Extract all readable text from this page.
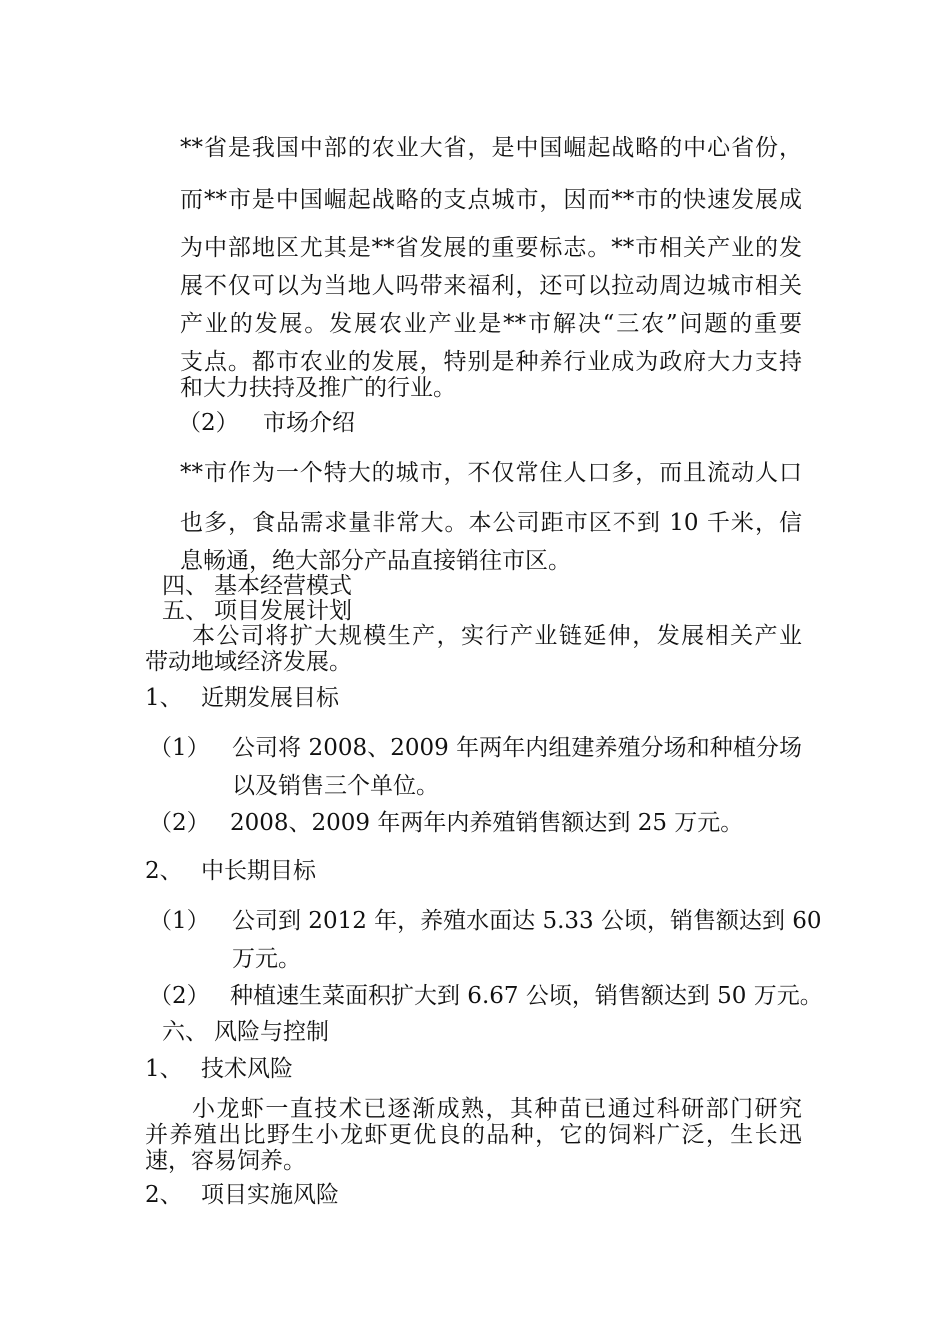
**省是我国中部的农业大省，是中国崛起战略的中心省份，
而**市是中国崛起战略的支点城市，因而**市的快速发展成
为中部地区尤其是**省发展的重要标志。**市相关产业的发
展不仅可以为当地人吗带来福利，还可以拉动周边城市相关
产业的发展。发展农业产业是**市解决“三农”问题的重要
支点。都市农业的发展，特别是种养行业成为政府大力支持
和大力扶持及推广的行业。
（2） 市场介绍
**市作为一个特大的城市，不仅常住人口多，而且流动人口
也多，食品需求量非常大。本公司距市区不到 10 千米，信
息畅通，绝大部分产品直接销往市区。
四、 基本经营模式
五、 项目发展计划
本公司将扩大规模生产，实行产业链延伸，发展相关产业
带动地域经济发展。
1、 近期发展目标
（1） 公司将 2008、2009 年两年内组建养殖分场和种植分场
以及销售三个单位。
（2） 2008、2009 年两年内养殖销售额达到 25 万元。
2、 中长期目标
（1） 公司到 2012 年，养殖水面达 5.33 公顷，销售额达到 60
万元。
（2） 种植速生菜面积扩大到 6.67 公顷，销售额达到 50 万元。
六、 风险与控制
1、 技术风险
小龙虾一直技术已逐渐成熟，其种苗已通过科研部门研究
并养殖出比野生小龙虾更优良的品种，它的饲料广泛，生长迅
速，容易饲养。
2、 项目实施风险
